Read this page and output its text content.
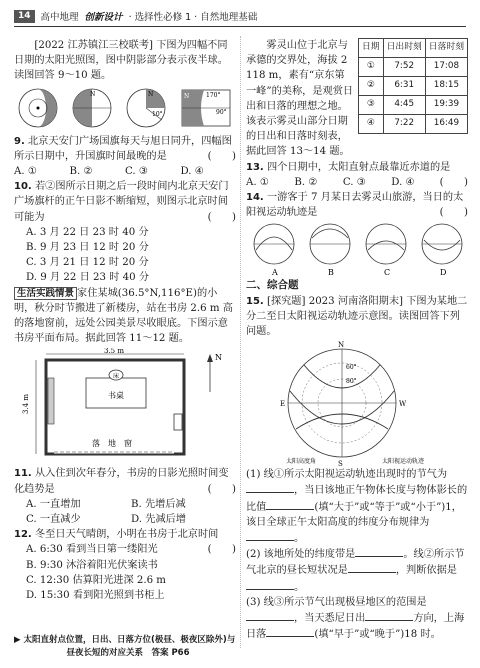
14	高中地理 创新设计 · 选择性必修 1 · 自然地理基础

[2022 江苏镇江三校联考] 下图为四幅不同日期的太阳光照图，图中阴影部分表示夜半球。读图回答 9～10 题。

N	N
10°
N	170°
90°

9. 北京天安门广场国旗每天与旭日同升，四幅图所示日期中，升国旗时间最晚的是	(　　)

A. ①	B. ②	C. ③	D. ④

10. 若②图所示日期之后一段时间内北京天安门广场旗杆的正午日影不断缩短，则图示北京时间可能为	(　　)

A. 3 月 22 日 23 时 40 分

B. 9 月 23 日 12 时 20 分

C. 3 月 21 日 12 时 20 分

D. 9 月 22 日 23 时 40 分

生活实践情景 家住某城(36.5°N,116°E)的小明，秋分时节搬进了新楼房，站在书房 2.6 m 高的落地窗前，远处公园美景尽收眼底。下图示意书房平面布局。据此回答 11～12 题。

3.5 m
3.4 m
床
书桌
落　地　窗
N

11. 从入住到次年春分，书房的日影光照时间变化趋势是	(　　)

A. 一直增加	B. 先增后减
C. 一直减少	D. 先减后增

12. 冬至日天气晴朗，小明在书房于北京时间
(　　)

A. 6:30 看到当日第一缕阳光

B. 9:30 沐浴着阳光伏案读书

C. 12:30 估算阳光进深 2.6 m

D. 15:30 看到阳光照到书柜上

▶ 太阳直射点位置，日出、日落方位(极昼、极夜区除外)与
昼夜长短的对应关系　答案 P66

雾灵山位于北京与承德的交界处，海拔 2 118 m，素有“京东第一峰”的美称，是观赏日出和日落的理想之地。该表示雾灵山部分日期的日出和日落时刻表，据此回答 13～14 题。

日期	日出时刻	日落时刻
①	7:52	17:08
②	6:31	18:15
③	4:45	19:39
④	7:22	16:49

13. 四个日期中，太阳直射点最靠近赤道的是
(　　)

A. ①	B. ②	C. ③	D. ④

14. 一游客于 7 月某日去雾灵山旅游，当日的太阳视运动轨迹是	(　　)

A	B	C	D

二、综合题

15. [探究题] 2023 河南洛阳期末] 下图为某地二分二至日太阳视运动轨迹示意图。读图回答下列问题。

N
S
E	W
80°
60°
太阳高度角	太阳视运动轨迹

(1) 线①所示太阳视运动轨迹出现时的节气为，当日该地正午物体长度与物体影长的比值	(填“大于”或“等于”或“小于”)1，该日全球正午太阳高度的纬度分布规律为。

(2) 该地所处的纬度带是	。线②所示节气北京的昼长短状况是	，判断依据是。

(3) 线③所示节气出现极昼地区的范围是，当天悉尼日出	方向，上海日落	(填“早于”或“晚于”)18 时。
